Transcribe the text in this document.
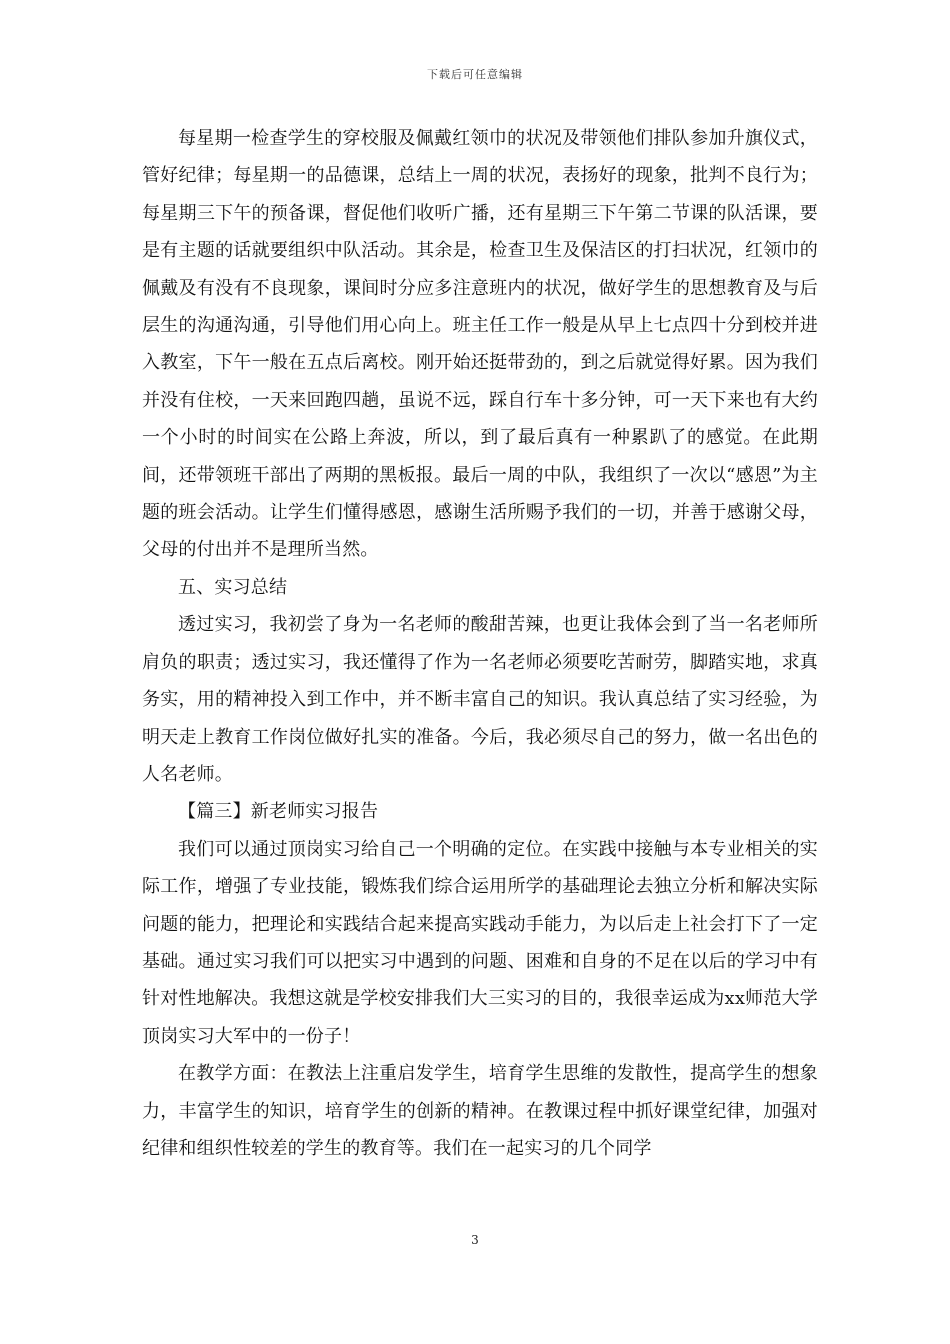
下载后可任意编辑

每星期一检查学生的穿校服及佩戴红领巾的状况及带领他们排队参加升旗仪式，管好纪律；每星期一的品德课，总结上一周的状况，表扬好的现象，批判不良行为；每星期三下午的预备课，督促他们收听广播，还有星期三下午第二节课的队活课，要是有主题的话就要组织中队活动。其余是，检查卫生及保洁区的打扫状况，红领巾的佩戴及有没有不良现象，课间时分应多注意班内的状况，做好学生的思想教育及与后层生的沟通沟通，引导他们用心向上。班主任工作一般是从早上七点四十分到校并进入教室，下午一般在五点后离校。刚开始还挺带劲的，到之后就觉得好累。因为我们并没有住校，一天来回跑四趟，虽说不远，踩自行车十多分钟，可一天下来也有大约一个小时的时间实在公路上奔波，所以，到了最后真有一种累趴了的感觉。在此期间，还带领班干部出了两期的黑板报。最后一周的中队，我组织了一次以“感恩”为主题的班会活动。让学生们懂得感恩，感谢生活所赐予我们的一切，并善于感谢父母，父母的付出并不是理所当然。

五、实习总结

透过实习，我初尝了身为一名老师的酸甜苦辣，也更让我体会到了当一名老师所肩负的职责；透过实习，我还懂得了作为一名老师必须要吃苦耐劳，脚踏实地，求真务实，用的精神投入到工作中，并不断丰富自己的知识。我认真总结了实习经验，为明天走上教育工作岗位做好扎实的准备。今后，我必须尽自己的努力，做一名出色的人名老师。

【篇三】新老师实习报告

我们可以通过顶岗实习给自己一个明确的定位。在实践中接触与本专业相关的实际工作，增强了专业技能，锻炼我们综合运用所学的基础理论去独立分析和解决实际问题的能力，把理论和实践结合起来提高实践动手能力，为以后走上社会打下了一定基础。通过实习我们可以把实习中遇到的问题、困难和自身的不足在以后的学习中有针对性地解决。我想这就是学校安排我们大三实习的目的，我很幸运成为xx师范大学顶岗实习大军中的一份子！

在教学方面：在教法上注重启发学生，培育学生思维的发散性，提高学生的想象力，丰富学生的知识，培育学生的创新的精神。在教课过程中抓好课堂纪律，加强对纪律和组织性较差的学生的教育等。我们在一起实习的几个同学

3
